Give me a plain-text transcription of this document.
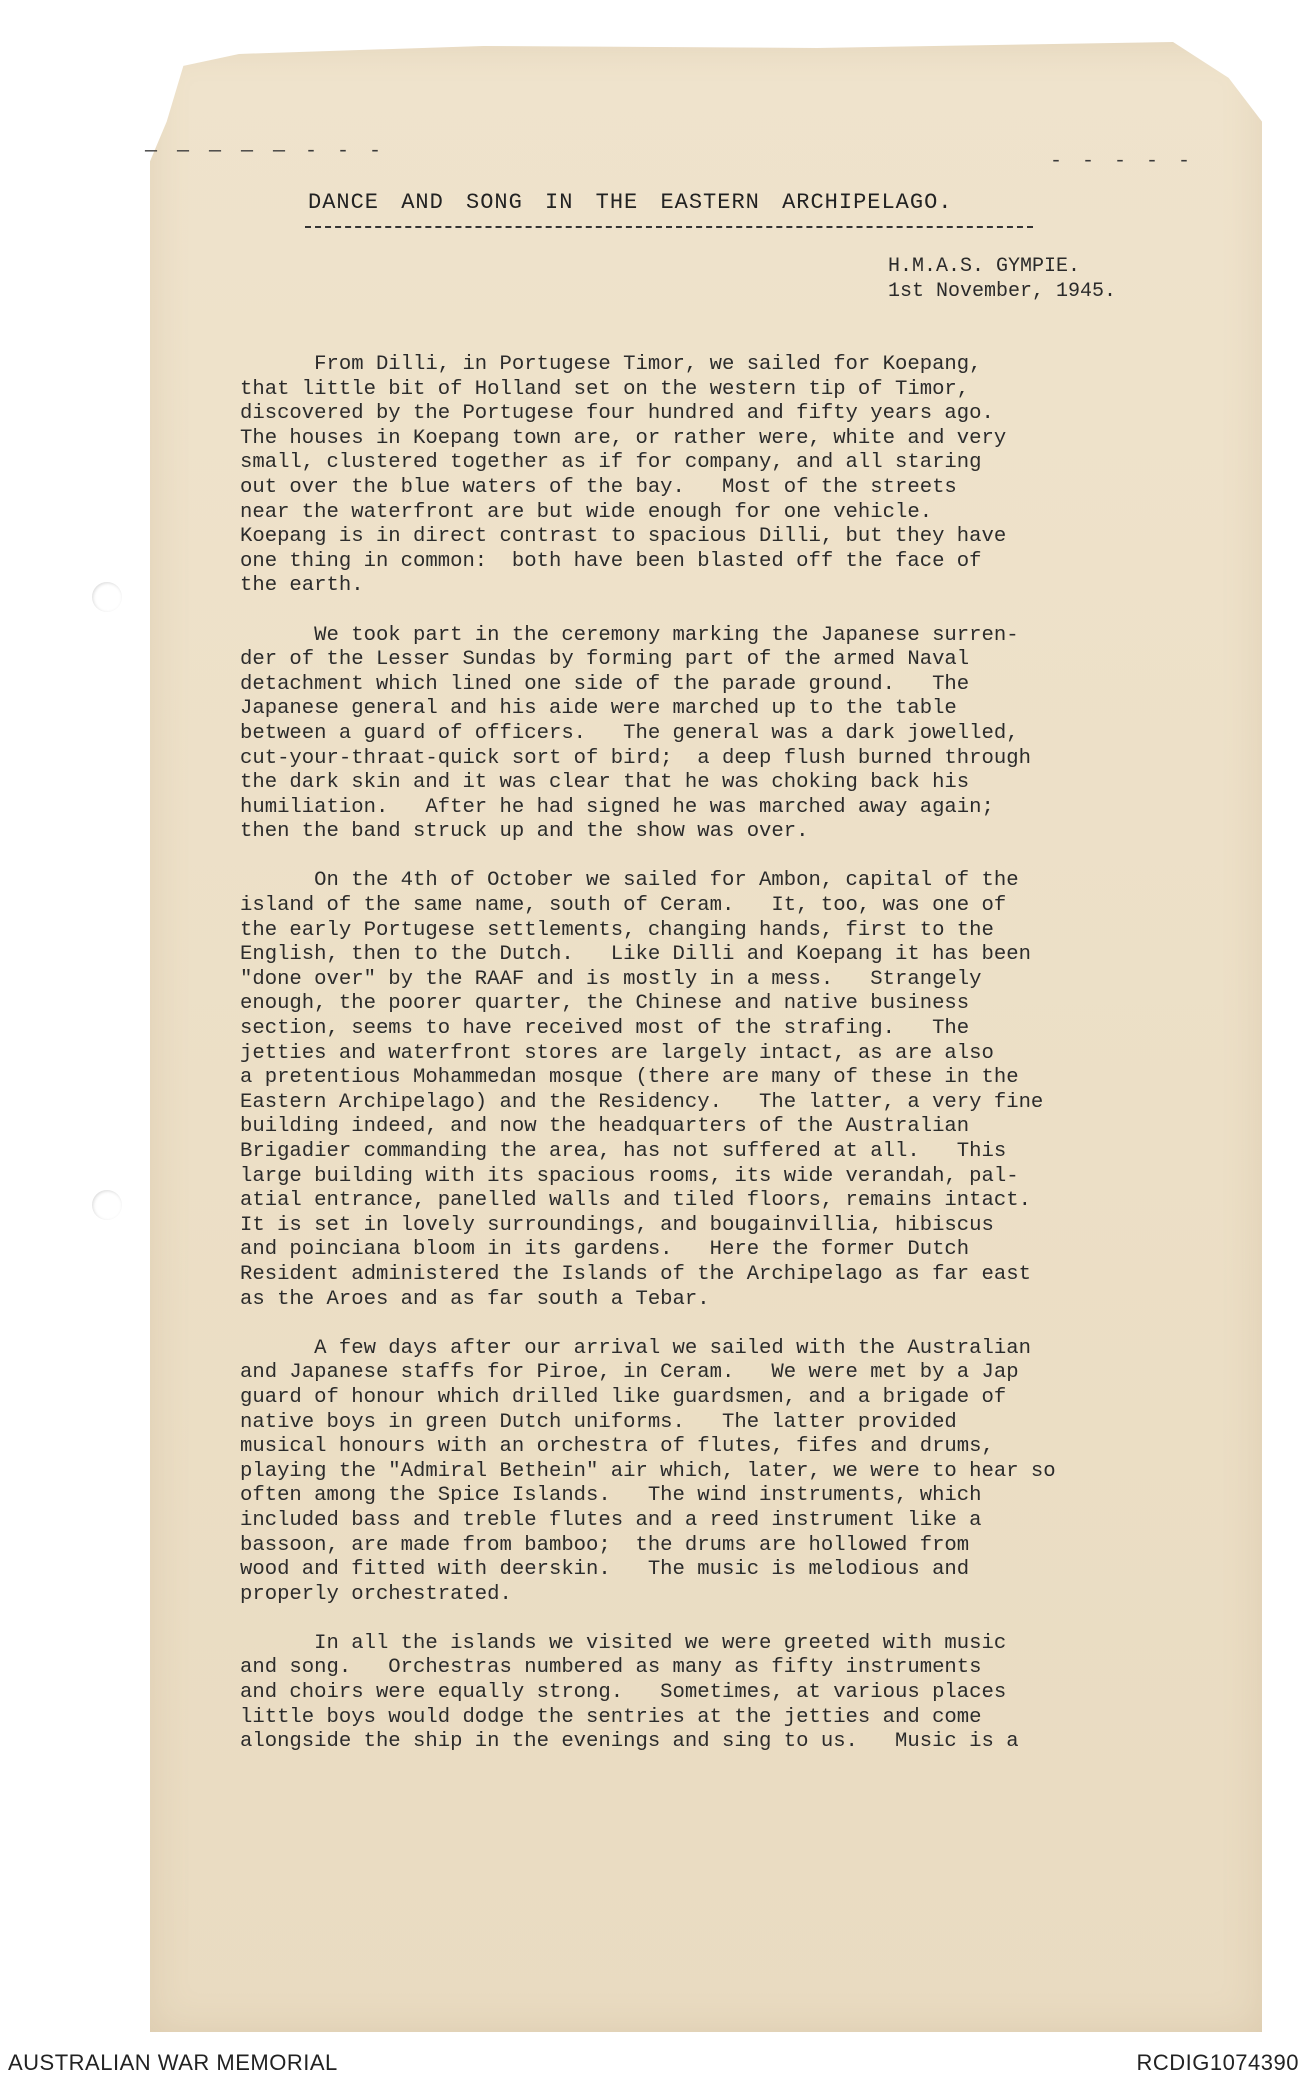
— — — — — - - -	- - - - -
DANCE AND SONG IN THE EASTERN ARCHIPELAGO.
H.M.A.S. GYMPIE.
1st November, 1945.
From Dilli, in Portugese Timor, we sailed for Koepang,
that little bit of Holland set on the western tip of Timor,
discovered by the Portugese four hundred and fifty years ago.
The houses in Koepang town are, or rather were, white and very
small, clustered together as if for company, and all staring
out over the blue waters of the bay.   Most of the streets
near the waterfront are but wide enough for one vehicle.
Koepang is in direct contrast to spacious Dilli, but they have
one thing in common:  both have been blasted off the face of
the earth.
We took part in the ceremony marking the Japanese surren-
der of the Lesser Sundas by forming part of the armed Naval
detachment which lined one side of the parade ground.   The
Japanese general and his aide were marched up to the table
between a guard of officers.   The general was a dark jowelled,
cut-your-thraat-quick sort of bird;  a deep flush burned through
the dark skin and it was clear that he was choking back his
humiliation.   After he had signed he was marched away again;
then the band struck up and the show was over.
On the 4th of October we sailed for Ambon, capital of the
island of the same name, south of Ceram.   It, too, was one of
the early Portugese settlements, changing hands, first to the
English, then to the Dutch.   Like Dilli and Koepang it has been
"done over" by the RAAF and is mostly in a mess.   Strangely
enough, the poorer quarter, the Chinese and native business
section, seems to have received most of the strafing.   The
jetties and waterfront stores are largely intact, as are also
a pretentious Mohammedan mosque (there are many of these in the
Eastern Archipelago) and the Residency.   The latter, a very fine
building indeed, and now the headquarters of the Australian
Brigadier commanding the area, has not suffered at all.   This
large building with its spacious rooms, its wide verandah, pal-
atial entrance, panelled walls and tiled floors, remains intact.
It is set in lovely surroundings, and bougainvillia, hibiscus
and poinciana bloom in its gardens.   Here the former Dutch
Resident administered the Islands of the Archipelago as far east
as the Aroes and as far south a Tebar.
A few days after our arrival we sailed with the Australian
and Japanese staffs for Piroe, in Ceram.   We were met by a Jap
guard of honour which drilled like guardsmen, and a brigade of
native boys in green Dutch uniforms.   The latter provided
musical honours with an orchestra of flutes, fifes and drums,
playing the "Admiral Bethein" air which, later, we were to hear so
often among the Spice Islands.   The wind instruments, which
included bass and treble flutes and a reed instrument like a
bassoon, are made from bamboo;  the drums are hollowed from
wood and fitted with deerskin.   The music is melodious and
properly orchestrated.
In all the islands we visited we were greeted with music
and song.   Orchestras numbered as many as fifty instruments
and choirs were equally strong.   Sometimes, at various places
little boys would dodge the sentries at the jetties and come
alongside the ship in the evenings and sing to us.   Music is a
AUSTRALIAN WAR MEMORIAL	RCDIG1074390
